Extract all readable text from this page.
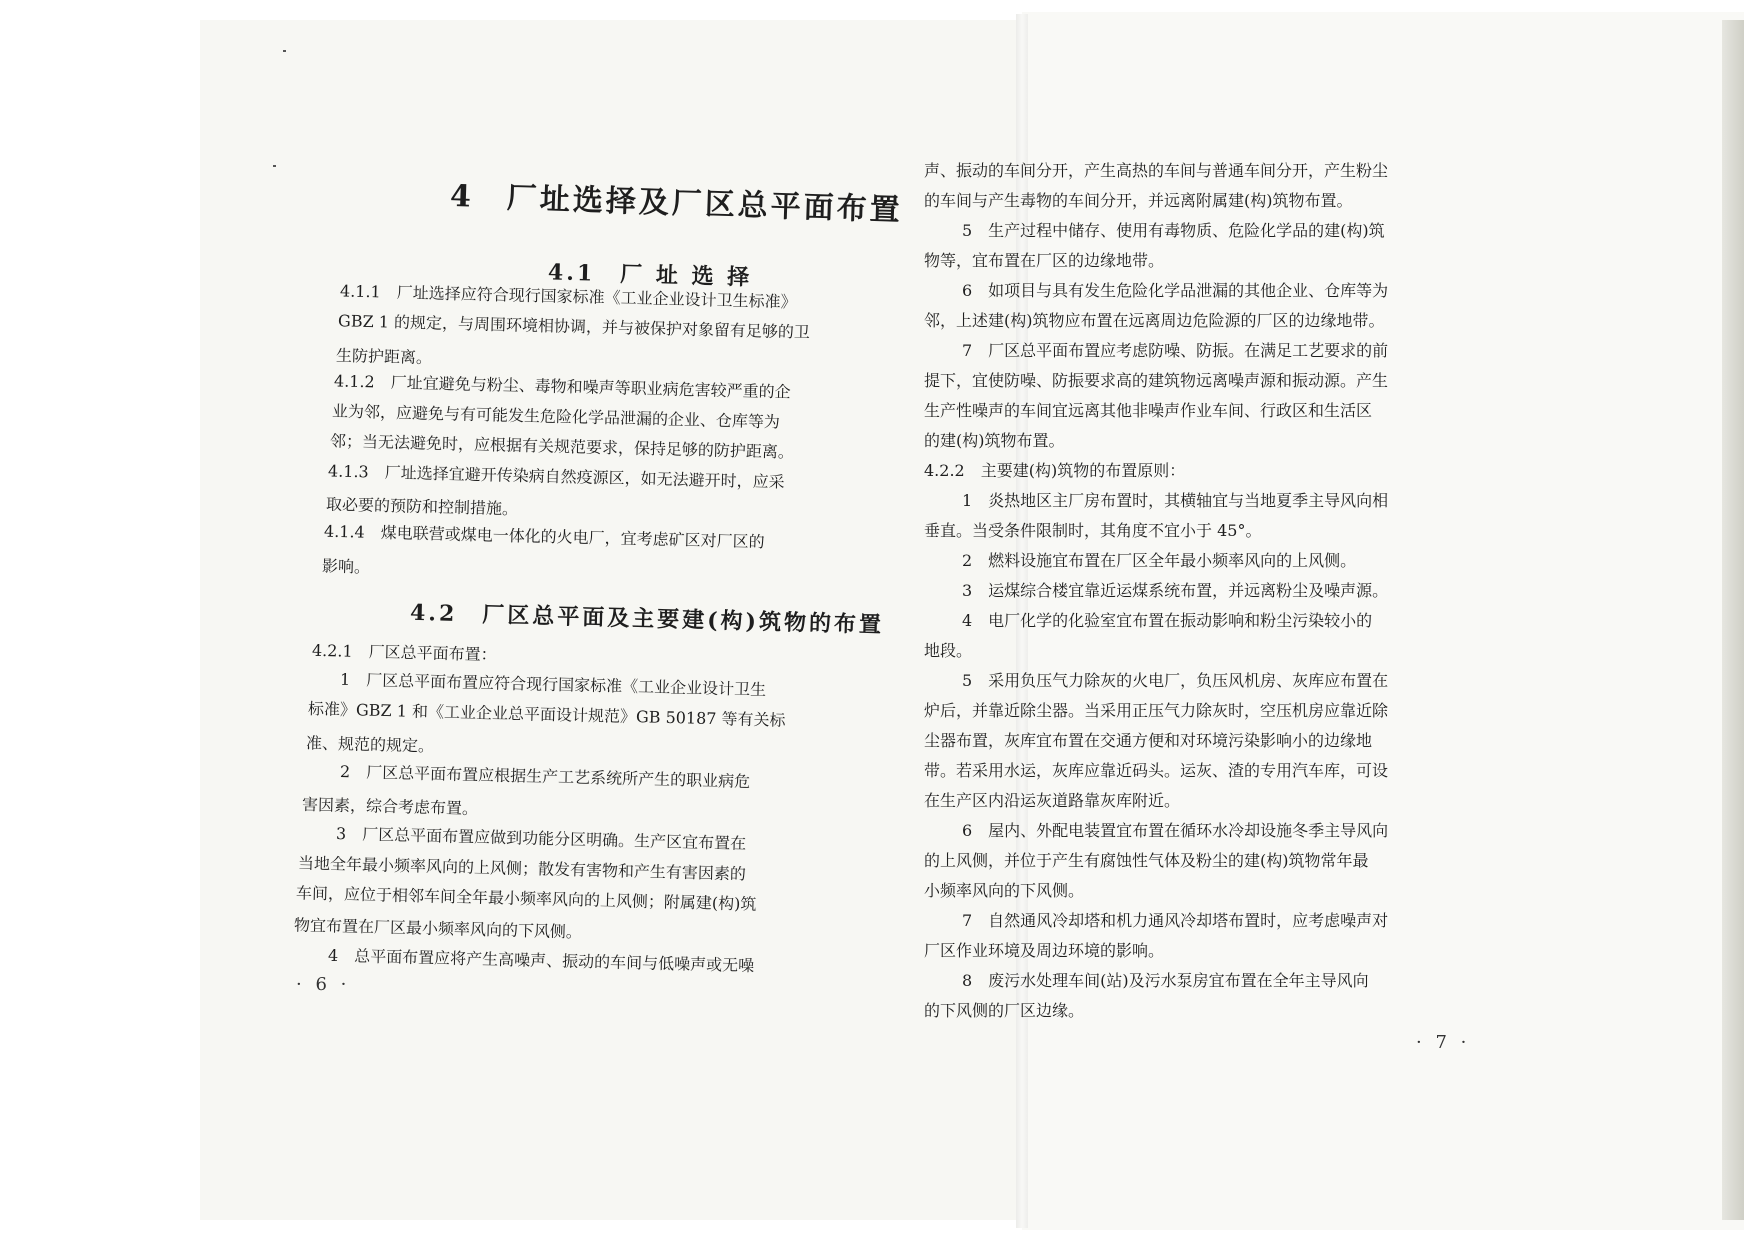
4　厂址选择及厂区总平面布置
4.1　厂 址 选 择
4.1.1　厂址选择应符合现行国家标准《工业企业设计卫生标准》
GBZ 1 的规定，与周围环境相协调，并与被保护对象留有足够的卫
生防护距离。
4.1.2　厂址宜避免与粉尘、毒物和噪声等职业病危害较严重的企
业为邻，应避免与有可能发生危险化学品泄漏的企业、仓库等为
邻；当无法避免时，应根据有关规范要求，保持足够的防护距离。
4.1.3　厂址选择宜避开传染病自然疫源区，如无法避开时，应采
取必要的预防和控制措施。
4.1.4　煤电联营或煤电一体化的火电厂，宜考虑矿区对厂区的
影响。
4.2　厂区总平面及主要建(构)筑物的布置
4.2.1　厂区总平面布置：
1　厂区总平面布置应符合现行国家标准《工业企业设计卫生
标准》GBZ 1 和《工业企业总平面设计规范》GB 50187 等有关标
准、规范的规定。
2　厂区总平面布置应根据生产工艺系统所产生的职业病危
害因素，综合考虑布置。
3　厂区总平面布置应做到功能分区明确。生产区宜布置在
当地全年最小频率风向的上风侧；散发有害物和产生有害因素的
车间，应位于相邻车间全年最小频率风向的上风侧；附属建(构)筑
物宜布置在厂区最小频率风向的下风侧。
4　总平面布置应将产生高噪声、振动的车间与低噪声或无噪
· 6 ·
声、振动的车间分开，产生高热的车间与普通车间分开，产生粉尘
的车间与产生毒物的车间分开，并远离附属建(构)筑物布置。
5　生产过程中储存、使用有毒物质、危险化学品的建(构)筑
物等，宜布置在厂区的边缘地带。
6　如项目与具有发生危险化学品泄漏的其他企业、仓库等为
邻，上述建(构)筑物应布置在远离周边危险源的厂区的边缘地带。
7　厂区总平面布置应考虑防噪、防振。在满足工艺要求的前
提下，宜使防噪、防振要求高的建筑物远离噪声源和振动源。产生
生产性噪声的车间宜远离其他非噪声作业车间、行政区和生活区
的建(构)筑物布置。
4.2.2　主要建(构)筑物的布置原则：
1　炎热地区主厂房布置时，其横轴宜与当地夏季主导风向相
垂直。当受条件限制时，其角度不宜小于 45°。
2　燃料设施宜布置在厂区全年最小频率风向的上风侧。
3　运煤综合楼宜靠近运煤系统布置，并远离粉尘及噪声源。
4　电厂化学的化验室宜布置在振动影响和粉尘污染较小的
地段。
5　采用负压气力除灰的火电厂，负压风机房、灰库应布置在
炉后，并靠近除尘器。当采用正压气力除灰时，空压机房应靠近除
尘器布置，灰库宜布置在交通方便和对环境污染影响小的边缘地
带。若采用水运，灰库应靠近码头。运灰、渣的专用汽车库，可设
在生产区内沿运灰道路靠灰库附近。
6　屋内、外配电装置宜布置在循环水冷却设施冬季主导风向
的上风侧，并位于产生有腐蚀性气体及粉尘的建(构)筑物常年最
小频率风向的下风侧。
7　自然通风冷却塔和机力通风冷却塔布置时，应考虑噪声对
厂区作业环境及周边环境的影响。
8　废污水处理车间(站)及污水泵房宜布置在全年主导风向
的下风侧的厂区边缘。
· 7 ·
